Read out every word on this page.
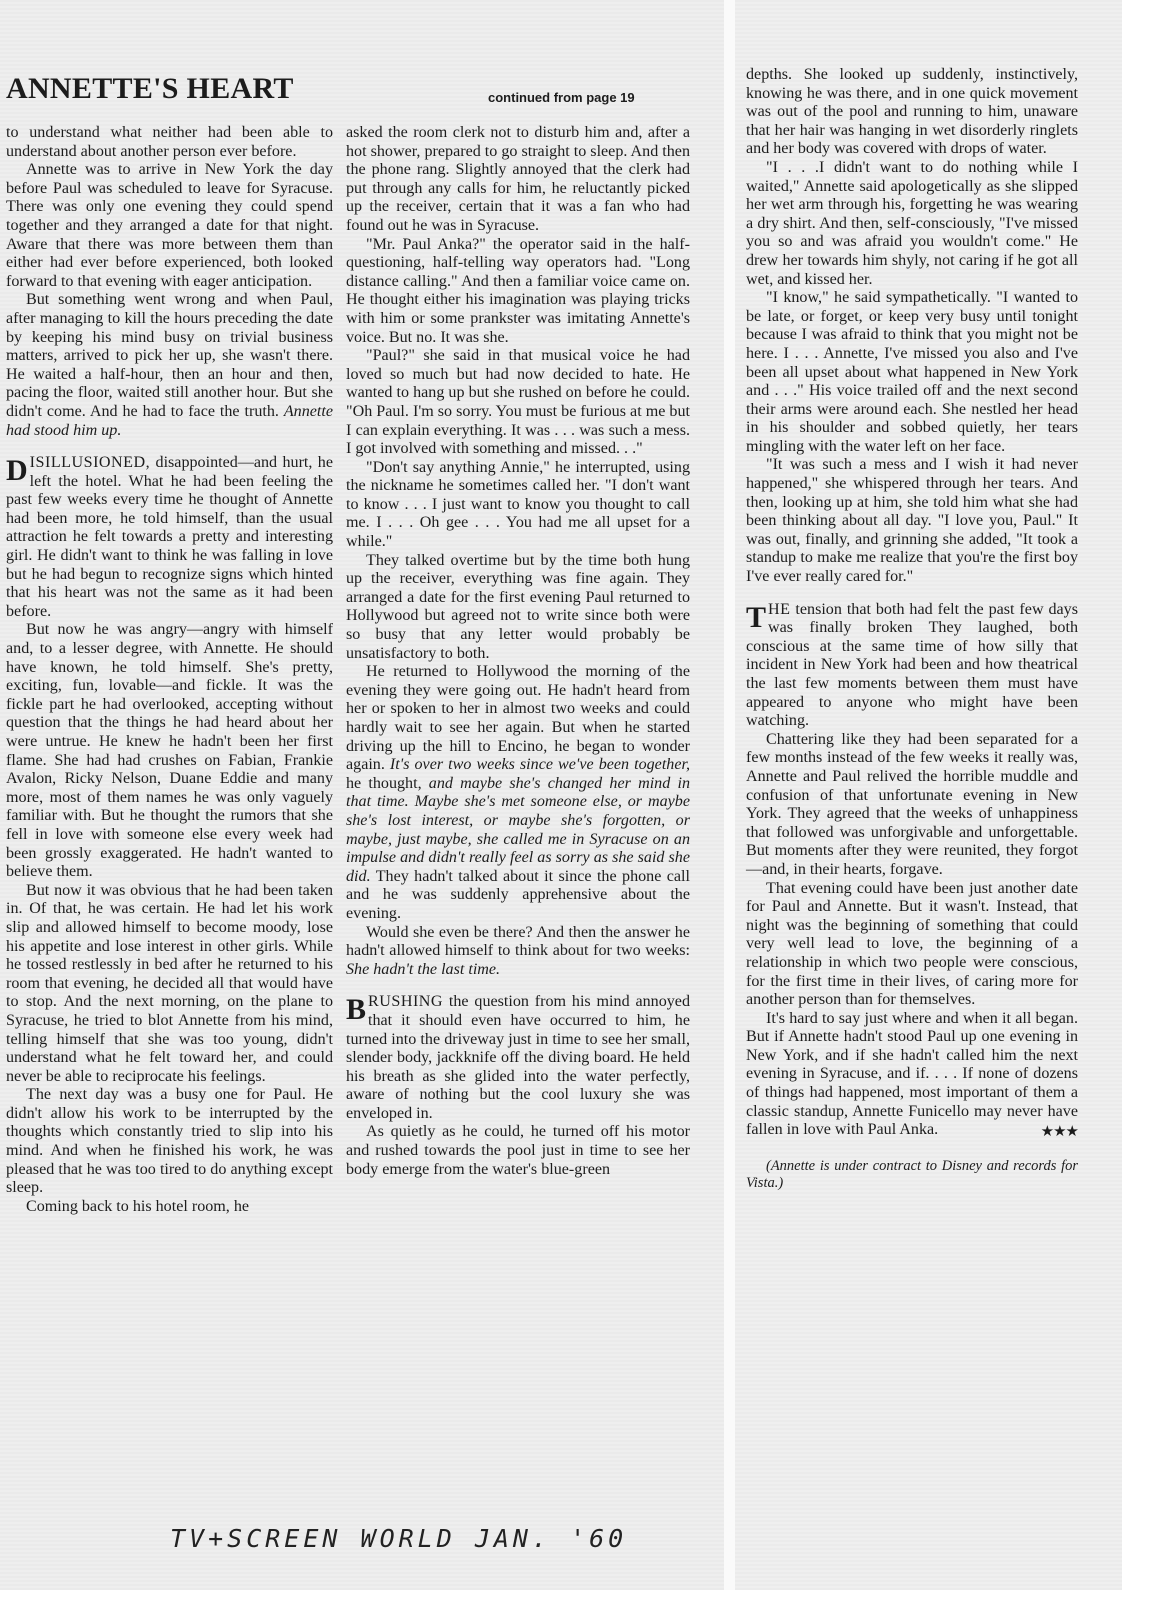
ANNETTE'S HEART	continued from page 19

to understand what neither had been able to understand about another person ever before.

Annette was to arrive in New York the day before Paul was scheduled to leave for Syracuse. There was only one evening they could spend together and they arranged a date for that night. Aware that there was more between them than either had ever before experienced, both looked forward to that evening with eager anticipation.

But something went wrong and when Paul, after managing to kill the hours preceding the date by keeping his mind busy on trivial business matters, arrived to pick her up, she wasn't there. He waited a half-hour, then an hour and then, pacing the floor, waited still another hour. But she didn't come. And he had to face the truth. Annette had stood him up.

DISILLUSIONED, disappointed—and hurt, he left the hotel. What he had been feeling the past few weeks every time he thought of Annette had been more, he told himself, than the usual attraction he felt towards a pretty and interesting girl. He didn't want to think he was falling in love but he had begun to recognize signs which hinted that his heart was not the same as it had been before.

But now he was angry—angry with himself and, to a lesser degree, with Annette. He should have known, he told himself. She's pretty, exciting, fun, lovable—and fickle. It was the fickle part he had overlooked, accepting without question that the things he had heard about her were untrue. He knew he hadn't been her first flame. She had had crushes on Fabian, Frankie Avalon, Ricky Nelson, Duane Eddie and many more, most of them names he was only vaguely familiar with. But he thought the rumors that she fell in love with someone else every week had been grossly exaggerated. He hadn't wanted to believe them.

But now it was obvious that he had been taken in. Of that, he was certain. He had let his work slip and allowed himself to become moody, lose his appetite and lose interest in other girls. While he tossed restlessly in bed after he returned to his room that evening, he decided all that would have to stop. And the next morning, on the plane to Syracuse, he tried to blot Annette from his mind, telling himself that she was too young, didn't understand what he felt toward her, and could never be able to reciprocate his feelings.

The next day was a busy one for Paul. He didn't allow his work to be interrupted by the thoughts which constantly tried to slip into his mind. And when he finished his work, he was pleased that he was too tired to do anything except sleep.

Coming back to his hotel room, he

asked the room clerk not to disturb him and, after a hot shower, prepared to go straight to sleep. And then the phone rang. Slightly annoyed that the clerk had put through any calls for him, he reluctantly picked up the receiver, certain that it was a fan who had found out he was in Syracuse.

"Mr. Paul Anka?" the operator said in the half-questioning, half-telling way operators had. "Long distance calling." And then a familiar voice came on. He thought either his imagination was playing tricks with him or some prankster was imitating Annette's voice. But no. It was she.

"Paul?" she said in that musical voice he had loved so much but had now decided to hate. He wanted to hang up but she rushed on before he could. "Oh Paul. I'm so sorry. You must be furious at me but I can explain everything. It was . . . was such a mess. I got involved with something and missed. . ."

"Don't say anything Annie," he interrupted, using the nickname he sometimes called her. "I don't want to know . . . I just want to know you thought to call me. I . . . Oh gee . . . You had me all upset for a while."

They talked overtime but by the time both hung up the receiver, everything was fine again. They arranged a date for the first evening Paul returned to Hollywood but agreed not to write since both were so busy that any letter would probably be unsatisfactory to both.

He returned to Hollywood the morning of the evening they were going out. He hadn't heard from her or spoken to her in almost two weeks and could hardly wait to see her again. But when he started driving up the hill to Encino, he began to wonder again. It's over two weeks since we've been together, he thought, and maybe she's changed her mind in that time. Maybe she's met someone else, or maybe she's lost interest, or maybe she's forgotten, or maybe, just maybe, she called me in Syracuse on an impulse and didn't really feel as sorry as she said she did. They hadn't talked about it since the phone call and he was suddenly apprehensive about the evening.

Would she even be there? And then the answer he hadn't allowed himself to think about for two weeks: She hadn't the last time.

BRUSHING the question from his mind annoyed that it should even have occurred to him, he turned into the driveway just in time to see her small, slender body, jackknife off the diving board. He held his breath as she glided into the water perfectly, aware of nothing but the cool luxury she was enveloped in.

As quietly as he could, he turned off his motor and rushed towards the pool just in time to see her body emerge from the water's blue-green

depths. She looked up suddenly, instinctively, knowing he was there, and in one quick movement was out of the pool and running to him, unaware that her hair was hanging in wet disorderly ringlets and her body was covered with drops of water.

"I . . .I didn't want to do nothing while I waited," Annette said apologetically as she slipped her wet arm through his, forgetting he was wearing a dry shirt. And then, self-consciously, "I've missed you so and was afraid you wouldn't come." He drew her towards him shyly, not caring if he got all wet, and kissed her.

"I know," he said sympathetically. "I wanted to be late, or forget, or keep very busy until tonight because I was afraid to think that you might not be here. I . . . Annette, I've missed you also and I've been all upset about what happened in New York and . . ." His voice trailed off and the next second their arms were around each. She nestled her head in his shoulder and sobbed quietly, her tears mingling with the water left on her face.

"It was such a mess and I wish it had never happened," she whispered through her tears. And then, looking up at him, she told him what she had been thinking about all day. "I love you, Paul." It was out, finally, and grinning she added, "It took a standup to make me realize that you're the first boy I've ever really cared for."

THE tension that both had felt the past few days was finally broken They laughed, both conscious at the same time of how silly that incident in New York had been and how theatrical the last few moments between them must have appeared to anyone who might have been watching.

Chattering like they had been separated for a few months instead of the few weeks it really was, Annette and Paul relived the horrible muddle and confusion of that unfortunate evening in New York. They agreed that the weeks of unhappiness that followed was unforgivable and unforgettable. But moments after they were reunited, they forgot—and, in their hearts, forgave.

That evening could have been just another date for Paul and Annette. But it wasn't. Instead, that night was the beginning of something that could very well lead to love, the beginning of a relationship in which two people were conscious, for the first time in their lives, of caring more for another person than for themselves.

It's hard to say just where and when it all began. But if Annette hadn't stood Paul up one evening in New York, and if she hadn't called him the next evening in Syracuse, and if. . . . If none of dozens of things had happened, most important of them a classic standup, Annette Funicello may never have fallen in love with Paul Anka.	★★★

(Annette is under contract to Disney and records for Vista.)

TV+SCREEN WORLD JAN. '60
